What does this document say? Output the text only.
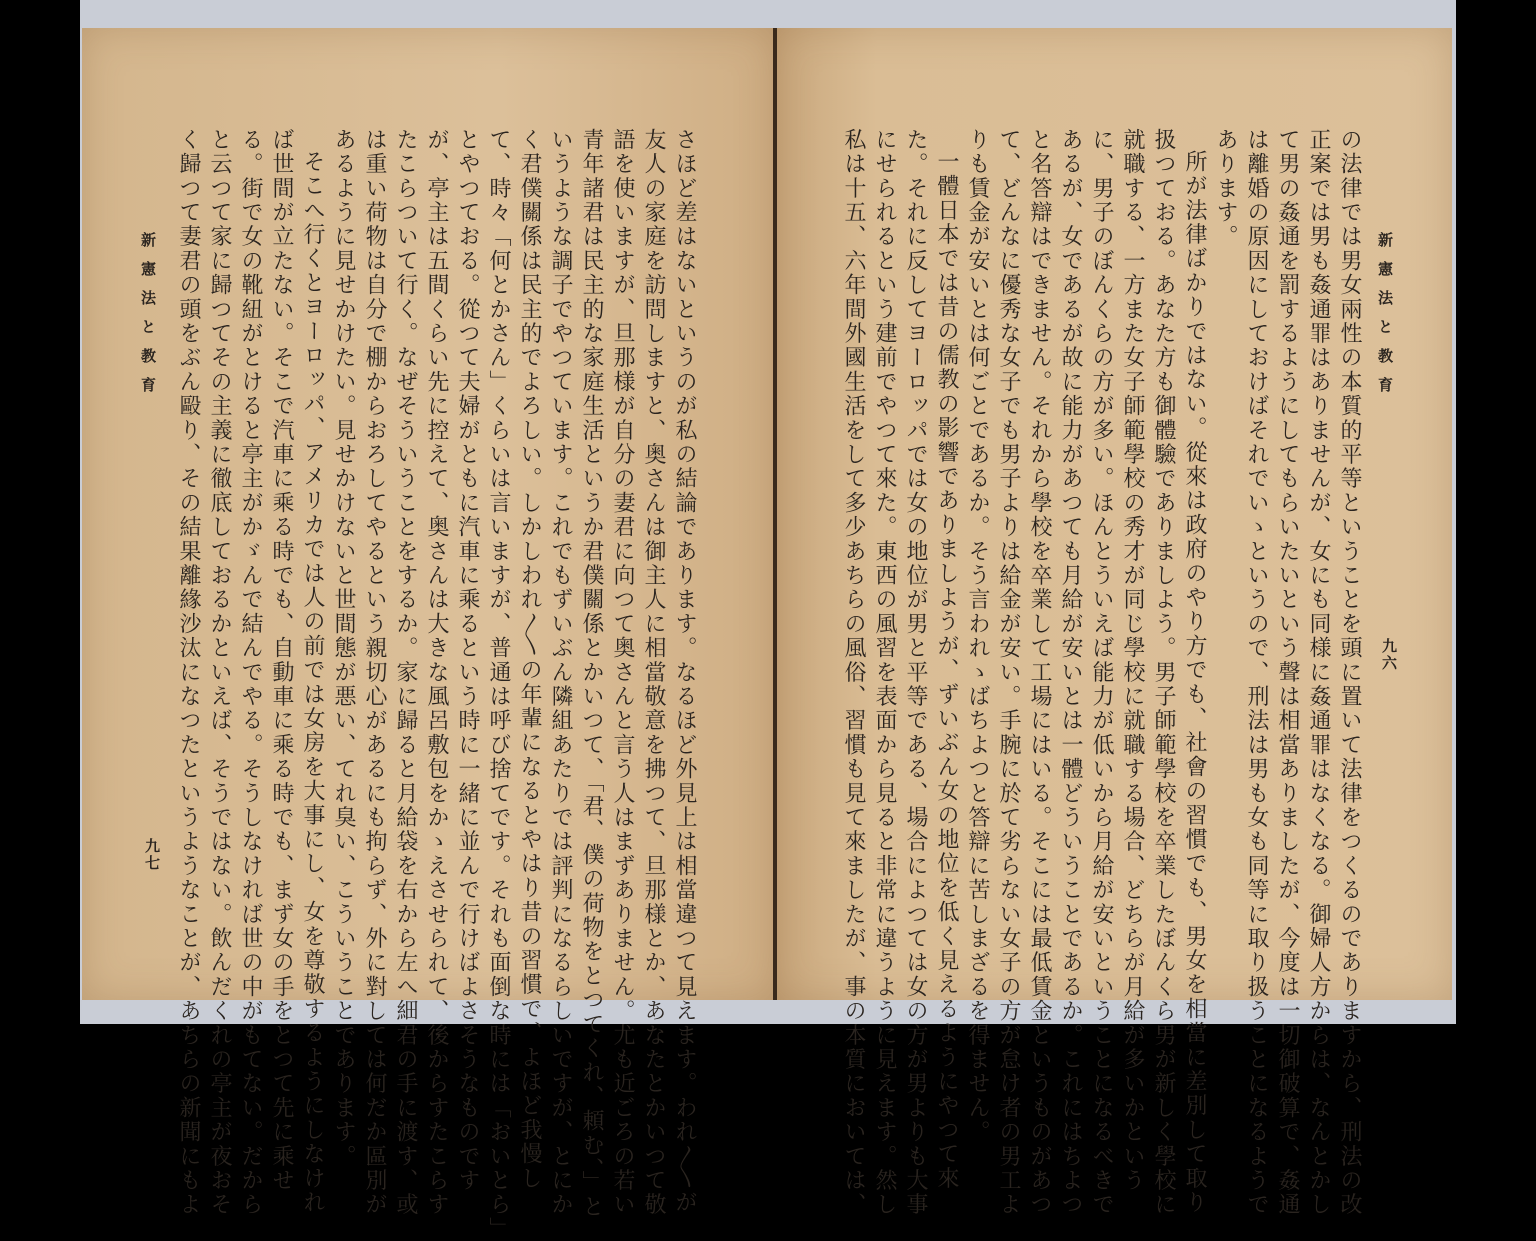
新憲法と教育
九七	さほど差はないというのが私の結論であります。なるほど外見上は相當違つて見えます。われ〳〵が
友人の家庭を訪問しますと、奥さんは御主人に相當敬意を拂つて、旦那様とか、あなたとかいつて敬
語を使いますが、旦那様が自分の妻君に向つて奥さんと言う人はまずありません。尤も近ごろの若い
青年諸君は民主的な家庭生活というか君僕關係とかいつて、「君、僕の荷物をとつてくれ、頼む、」と
いうような調子でやつています。これでもずいぶん隣組あたりでは評判になるらしいですが、とにか
く君僕關係は民主的でよろしい。しかしわれ〳〵の年輩になるとやはり昔の習慣で、よほど我慢し
て、時々「何とかさん」くらいは言いますが、普通は呼び捨てです。それも面倒な時には「おいとら」
とやつておる。從つて夫婦がともに汽車に乘るという時に一緒に並んで行けばよさそうなものです
が、亭主は五間くらい先に控えて、奥さんは大きな風呂敷包をかゝえさせられて、後からすたこらす
たこらついて行く。なぜそういうことをするか。家に歸ると月給袋を右から左へ細君の手に渡す、或
は重い荷物は自分で棚からおろしてやるという親切心があるにも拘らず、外に對しては何だか區別が
あるように見せかけたい。見せかけないと世間態が悪い、てれ臭い、こういうことであります。
そこへ行くとヨーロッパ、アメリカでは人の前では女房を大事にし、女を尊敬するようにしなけれ
ば世間が立たない。そこで汽車に乘る時でも、自動車に乘る時でも、まず女の手をとつて先に乘せ
る。街で女の靴紐がとけると亭主がかゞんで結んでやる。そうしなければ世の中がもてない。だから
と云つて家に歸つてその主義に徹底しておるかといえば、そうではない。飲んだくれの亭主が夜おそ
く歸つて妻君の頭をぶん毆り、その結果離緣沙汰になつたというようなことが、あちらの新聞にもよ	新憲法と教育
九六
の法律では男女兩性の本質的平等ということを頭に置いて法律をつくるのでありますから、刑法の改
正案では男も姦通罪はありませんが、女にも同様に姦通罪はなくなる。御婦人方からは、なんとかし
て男の姦通を罰するようにしてもらいたいという聲は相當ありましたが、今度は一切御破算で、姦通
は離婚の原因にしておけばそれでいゝというので、刑法は男も女も同等に取り扱うことになるようで
あります。
所が法律ばかりではない。從來は政府のやり方でも、社會の習慣でも、男女を相當に差別して取り
扱つておる。あなた方も御體驗でありましよう。男子師範學校を卒業したぼんくら男が新しく學校に
就職する、一方また女子師範學校の秀才が同じ學校に就職する場合、どちらが月給が多いかという
に、男子のぼんくらの方が多い。ほんとういえば能力が低いから月給が安いということになるべきで
あるが、女であるが故に能力があつても月給が安いとは一體どういうことであるか。これにはちよつ
と名答辯はできません。それから學校を卒業して工場にはいる。そこには最低賃金というものがあつ
て、どんなに優秀な女子でも男子よりは給金が安い。手腕に於て劣らない女子の方が怠け者の男工よ
りも賃金が安いとは何ごとであるか。そう言われゝばちよつと答辯に苦しまざるを得ません。
一體日本では昔の儒教の影響でありましようが、ずいぶん女の地位を低く見えるようにやつて來
た。それに反してヨーロッパでは女の地位が男と平等である、場合によつては女の方が男よりも大事
にせられるという建前でやつて來た。東西の風習を表面から見ると非常に違うように見えます。然し
私は十五、六年間外國生活をして多少あちらの風俗、習慣も見て來ましたが、事の本質においては、
